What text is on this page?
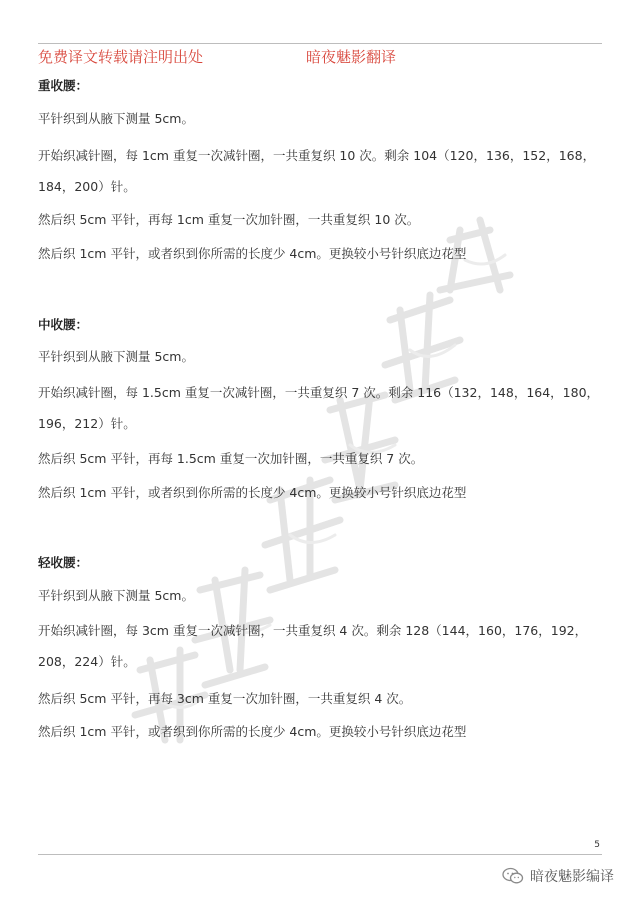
免费译文转载请注明出处	暗夜魅影翻译
重收腰：
平针织到从腋下测量 5cm。
开始织减针圈，每 1cm 重复一次减针圈，一共重复织 10 次。剩余 104（120，136，152，168，184，200）针。
然后织 5cm 平针，再每 1cm 重复一次加针圈，一共重复织 10 次。
然后织 1cm 平针，或者织到你所需的长度少 4cm。更换较小号针织底边花型
中收腰：
平针织到从腋下测量 5cm。
开始织减针圈，每 1.5cm 重复一次减针圈，一共重复织 7 次。剩余 116（132，148，164，180，196，212）针。
然后织 5cm 平针，再每 1.5cm 重复一次加针圈，一共重复织 7 次。
然后织 1cm 平针，或者织到你所需的长度少 4cm。更换较小号针织底边花型
轻收腰：
平针织到从腋下测量 5cm。
开始织减针圈，每 3cm 重复一次减针圈，一共重复织 4 次。剩余 128（144，160，176，192，208，224）针。
然后织 5cm 平针，再每 3cm 重复一次加针圈，一共重复织 4 次。
然后织 1cm 平针，或者织到你所需的长度少 4cm。更换较小号针织底边花型
5
暗夜魅影编译
